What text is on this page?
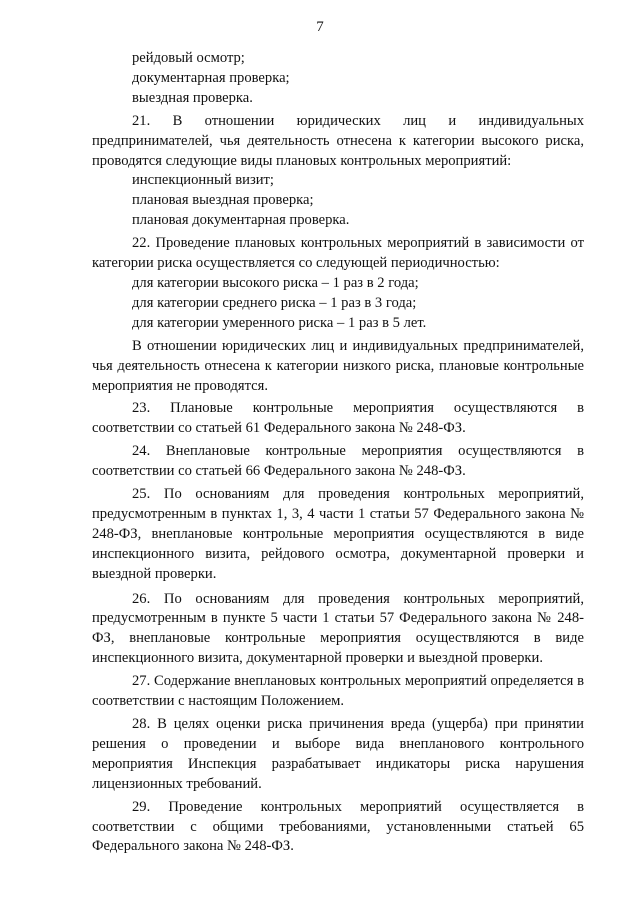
7

рейдовый осмотр;

документарная проверка;

выездная проверка.

21. В отношении юридических лиц и индивидуальных предпринимателей, чья деятельность отнесена к категории высокого риска, проводятся следующие виды плановых контрольных мероприятий:

инспекционный визит;

плановая выездная проверка;

плановая документарная проверка.

22. Проведение плановых контрольных мероприятий в зависимости от категории риска осуществляется со следующей периодичностью:

для категории высокого риска – 1 раз в 2 года;

для категории среднего риска – 1 раз в 3 года;

для категории умеренного риска – 1 раз в 5 лет.

В отношении юридических лиц и индивидуальных предпринимателей, чья деятельность отнесена к категории низкого риска, плановые контрольные мероприятия не проводятся.

23. Плановые контрольные мероприятия осуществляются в соответствии со статьей 61 Федерального закона № 248-ФЗ.

24. Внеплановые контрольные мероприятия осуществляются в соответствии со статьей 66 Федерального закона № 248-ФЗ.

25. По основаниям для проведения контрольных мероприятий, предусмотренным в пунктах 1, 3, 4 части 1 статьи 57 Федерального закона № 248-ФЗ, внеплановые контрольные мероприятия осуществляются в виде инспекционного визита, рейдового осмотра, документарной проверки и выездной проверки.

26. По основаниям для проведения контрольных мероприятий, предусмотренным в пункте 5 части 1 статьи 57 Федерального закона № 248-ФЗ, внеплановые контрольные мероприятия осуществляются в виде инспекционного визита, документарной проверки и выездной проверки.

27. Содержание внеплановых контрольных мероприятий определяется в соответствии с настоящим Положением.

28. В целях оценки риска причинения вреда (ущерба) при принятии решения о проведении и выборе вида внепланового контрольного мероприятия Инспекция разрабатывает индикаторы риска нарушения лицензионных требований.

29. Проведение контрольных мероприятий осуществляется в соответствии с общими требованиями, установленными статьей 65 Федерального закона № 248-ФЗ.
